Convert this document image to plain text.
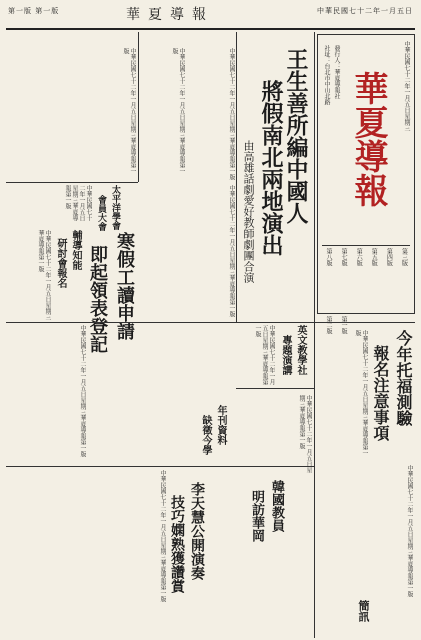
中華民國七十二年一月五日
華夏導報
第一版 第一版
華夏導報	中華民國七十二年一月五日星期三
社址：台北市中山北路 發行人：華夏導報社
第八版 第七版 第六版 第五版 第四版 第三版 第二版 第一版
王生善所編中國人
將假南北兩地演出
由高雄話劇愛好教師劇團合演
中華民國七十二年一月五日星期三華夏導報第一版
中華民國七十二年一月五日星期三華夏導報第一版
中華民國七十二年一月五日星期三華夏導報第一版
太平洋學會
會員大會
中華民國七十二年一月五日星期三華夏導報第一版
輔導知能
研討會報名
中華民國七十二年一月五日星期三華夏導報第一版	寒假工讀申請
即起領表登記
中華民國七十二年一月五日星期三華夏導報第一版
中華民國七十二年一月五日星期三華夏導報第一版
英文教學社
專題演講
中華民國七十二年一月五日星期三華夏導報第一版	今年托福測驗
報名注意事項
中華民國七十二年一月五日星期三華夏導報第一版
年刊資料
缺徵今學	中華民國七十二年一月五日星期三華夏導報第一版
韓國教員
明訪華岡
李天慧公開演奏
技巧嫻熟獲讚賞
中華民國七十二年一月五日星期三華夏導報第一版
簡訊
中華民國七十二年一月五日星期三華夏導報第一版
